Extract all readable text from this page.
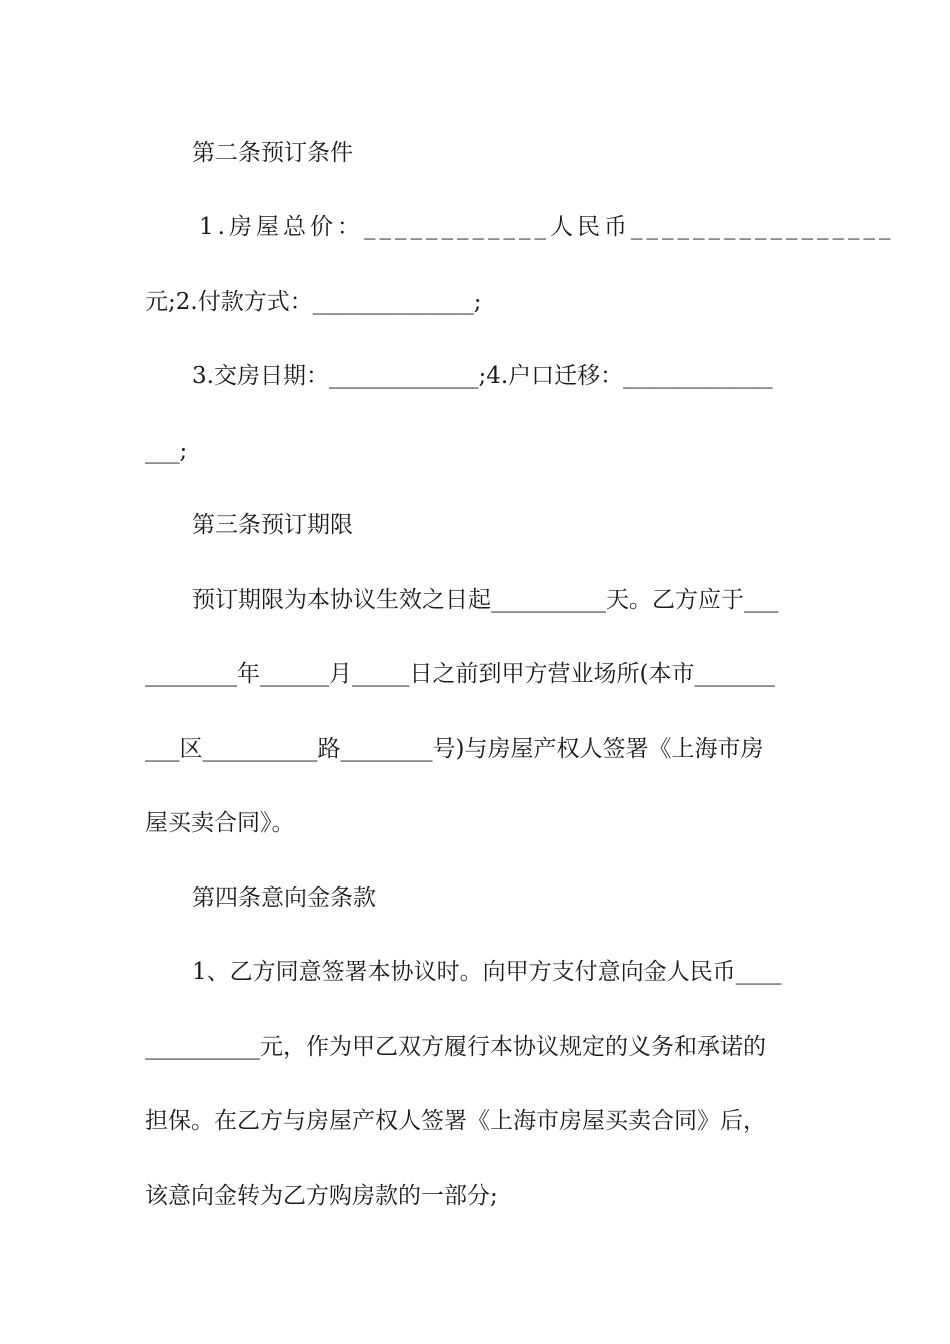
第二条预订条件
1.房屋总价：____________人民币_________________
元;2.付款方式：______________;
3.交房日期：_____________;4.户口迁移：_____________
___;
第三条预订期限
预订期限为本协议生效之日起__________天。乙方应于___
________年______月_____日之前到甲方营业场所(本市_______
___区__________路________号)与房屋产权人签署《上海市房
屋买卖合同》。
第四条意向金条款
1、乙方同意签署本协议时。向甲方支付意向金人民币____
__________元，作为甲乙双方履行本协议规定的义务和承诺的
担保。在乙方与房屋产权人签署《上海市房屋买卖合同》后，
该意向金转为乙方购房款的一部分;
